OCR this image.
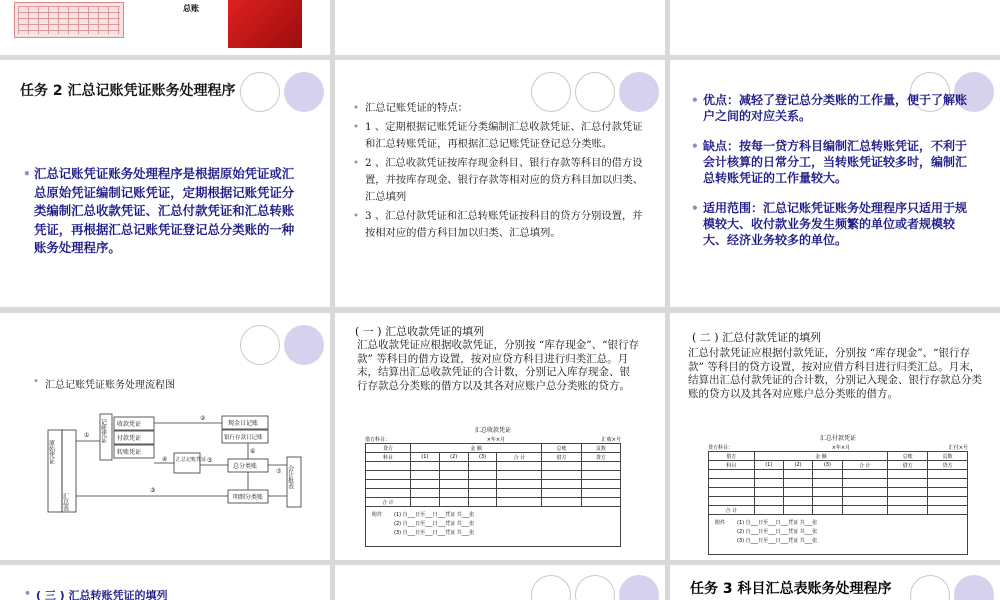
总账
任务 2 汇总记账凭证账务处理程序
• 汇总记账凭证账务处理程序是根据原始凭证或汇总原始凭证编制记账凭证，定期根据记账凭证分类编制汇总收款凭证、汇总付款凭证和汇总转账凭证，再根据汇总记账凭证登记总分类账的一种账务处理程序。
• 汇总记账凭证的特点：
• 1 、定期根据记账凭证分类编制汇总收款凭证、汇总付款凭证和汇总转账凭证，再根据汇总记账凭证登记总分类账。
• 2 、汇总收款凭证按库存现金科目、银行存款等科目的借方设置，并按库存现金、银行存款等相对应的贷方科目加以归类、汇总填列
• 3 、汇总付款凭证和汇总转账凭证按科目的贷方分别设置，并按相对应的借方科目加以归类、汇总填列。
• 优点：减轻了登记总分类账的工作量，便于了解账户之间的对应关系。
• 缺点：按每一贷方科目编制汇总转账凭证，不利于会计核算的日常分工，当转账凭证较多时，编制汇总转账凭证的工作量较大。
• 适用范围：汇总记账凭证账务处理程序只适用于规模较大、收付款业务发生频繁的单位或者规模较大、经济业务较多的单位。
• 汇总记账凭证账务处理流程图
原始凭证
汇总表
记账凭证 收款凭证
付款凭证
转账凭证
汇总记账凭证
现金日记账
银行存款日记账
总分类账
明细分类账
会计报表
①
②
③
④	⑤
⑥
⑦
( 一 ) 汇总收款凭证的填列
汇总收款凭证应根据收款凭证，分别按 “库存现金”、“银行存款” 等科目的借方设置，按对应贷方科目进行归类汇总。月末，结算出汇总收款凭证的合计数，分别记入库存现金、银行存款总分类账的借方以及其各对应账户总分类账的贷方。
汇总收款凭证
借方科目：	×年×月	汇收×号
贷方	金 额				总账	页数
科目	(1)	(2)	(3)	合 计	借方	贷方

合 计						
附件	(1) 自___日至___日___凭证 共___张
(2) 自___日至___日___凭证 共___张
(3) 自___日至___日___凭证 共___张
( 二 ) 汇总付款凭证的填列
汇总付款凭证应根据付款凭证，分别按 “库存现金”、“银行存款” 等科目的贷方设置，按对应借方科目进行归类汇总。月末，结算出汇总付款凭证的合计数，分别记入现金、银行存款总分类账的贷方以及其各对应账户总分类账的借方。
汇总付款凭证
贷方科目：	×年×月	汇付×号
借方	金 额				总账	页数
科目	(1)	(2)	(3)	合 计	借方	贷方

合 计						
附件	(1) 自___日至___日___凭证 共___张
(2) 自___日至___日___凭证 共___张
(3) 自___日至___日___凭证 共___张
• ( 三 ) 汇总转账凭证的填列	任务 3 科目汇总表账务处理程序
